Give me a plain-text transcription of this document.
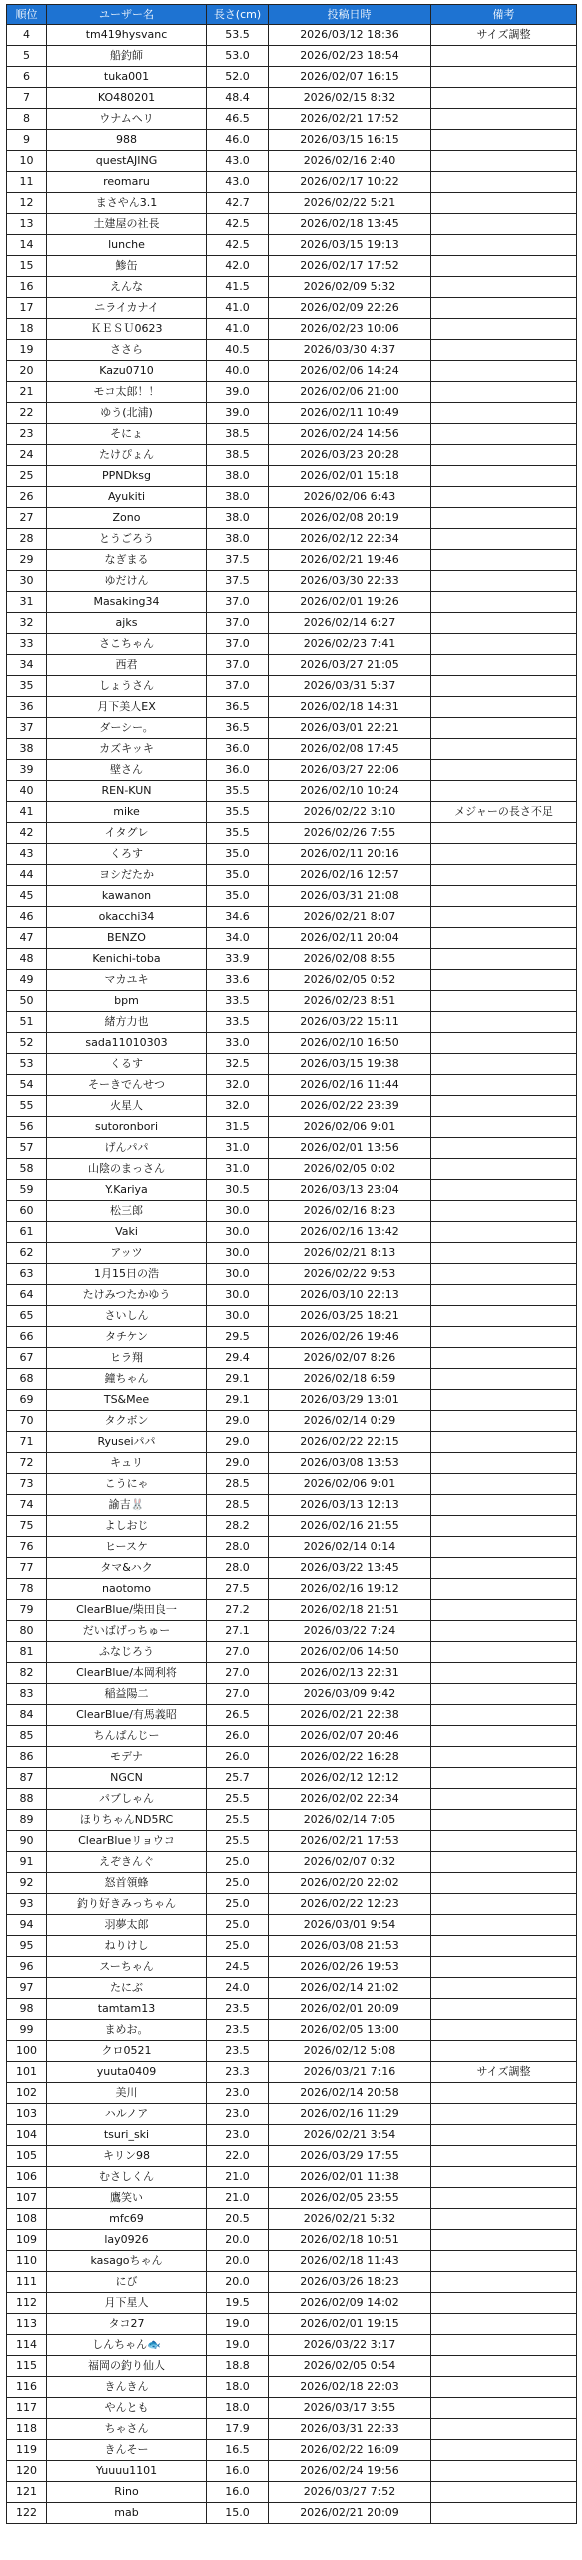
順位	ユーザー名	長さ(cm)	投稿日時	備考
4	tm419hysvanc	53.5	2026/03/12 18:36	サイズ調整
5	船釣師	53.0	2026/02/23 18:54	
6	tuka001	52.0	2026/02/07 16:15	
7	KO480201	48.4	2026/02/15 8:32	
8	ウナムヘリ	46.5	2026/02/21 17:52	
9	988	46.0	2026/03/15 16:15	
10	questAJING	43.0	2026/02/16 2:40	
11	reomaru	43.0	2026/02/17 10:22	
12	まさやん3.1	42.7	2026/02/22 5:21	
13	土建屋の社長	42.5	2026/02/18 13:45	
14	lunche	42.5	2026/03/15 19:13	
15	鯵缶	42.0	2026/02/17 17:52	
16	えんな	41.5	2026/02/09 5:32	
17	ニライカナイ	41.0	2026/02/09 22:26	
18	ＫＥＳＵ0623	41.0	2026/02/23 10:06	
19	ささら	40.5	2026/03/30 4:37	
20	Kazu0710	40.0	2026/02/06 14:24	
21	モコ太郎！！	39.0	2026/02/06 21:00	
22	ゆう(北浦)	39.0	2026/02/11 10:49	
23	そにょ	38.5	2026/02/24 14:56	
24	たけぴょん	38.5	2026/03/23 20:28	
25	PPNDksg	38.0	2026/02/01 15:18	
26	Ayukiti	38.0	2026/02/06 6:43	
27	Zono	38.0	2026/02/08 20:19	
28	とうごろう	38.0	2026/02/12 22:34	
29	なぎまる	37.5	2026/02/21 19:46	
30	ゆだけん	37.5	2026/03/30 22:33	
31	Masaking34	37.0	2026/02/01 19:26	
32	ajks	37.0	2026/02/14 6:27	
33	さこちゃん	37.0	2026/02/23 7:41	
34	西君	37.0	2026/03/27 21:05	
35	しょうさん	37.0	2026/03/31 5:37	
36	月下美人EX	36.5	2026/02/18 14:31	
37	ダーシー。	36.5	2026/03/01 22:21	
38	カズキッキ	36.0	2026/02/08 17:45	
39	壁さん	36.0	2026/03/27 22:06	
40	REN-KUN	35.5	2026/02/10 10:24	
41	mike	35.5	2026/02/22 3:10	メジャーの長さ不足
42	イタグレ	35.5	2026/02/26 7:55	
43	くろす	35.0	2026/02/11 20:16	
44	ヨシだたか	35.0	2026/02/16 12:57	
45	kawanon	35.0	2026/03/31 21:08	
46	okacchi34	34.6	2026/02/21 8:07	
47	BENZO	34.0	2026/02/11 20:04	
48	Kenichi-toba	33.9	2026/02/08 8:55	
49	マカユキ	33.6	2026/02/05 0:52	
50	bpm	33.5	2026/02/23 8:51	
51	緒方力也	33.5	2026/03/22 15:11	
52	sada11010303	33.0	2026/02/10 16:50	
53	くるす	32.5	2026/03/15 19:38	
54	そーきでんせつ	32.0	2026/02/16 11:44	
55	火星人	32.0	2026/02/22 23:39	
56	sutoronbori	31.5	2026/02/06 9:01	
57	げんパパ	31.0	2026/02/01 13:56	
58	山陰のまっさん	31.0	2026/02/05 0:02	
59	Y.Kariya	30.5	2026/03/13 23:04	
60	松三郎	30.0	2026/02/16 8:23	
61	Vaki	30.0	2026/02/16 13:42	
62	アッツ	30.0	2026/02/21 8:13	
63	1月15日の浩	30.0	2026/02/22 9:53	
64	たけみつたかゆう	30.0	2026/03/10 22:13	
65	さいしん	30.0	2026/03/25 18:21	
66	タチケン	29.5	2026/02/26 19:46	
67	ヒラ翔	29.4	2026/02/07 8:26	
68	鐘ちゃん	29.1	2026/02/18 6:59	
69	TS&Mee	29.1	2026/03/29 13:01	
70	タクボン	29.0	2026/02/14 0:29	
71	Ryuseiパパ	29.0	2026/02/22 22:15	
72	キュリ	29.0	2026/03/08 13:53	
73	こうにゃ	28.5	2026/02/06 9:01	
74	諭吉🐰	28.5	2026/03/13 12:13	
75	よしおじ	28.2	2026/02/16 21:55	
76	ヒースケ	28.0	2026/02/14 0:14	
77	タマ&ハク	28.0	2026/03/22 13:45	
78	naotomo	27.5	2026/02/16 19:12	
79	ClearBlue/柴田良一	27.2	2026/02/18 21:51	
80	だいばげっちゅー	27.1	2026/03/22 7:24	
81	ふなじろう	27.0	2026/02/06 14:50	
82	ClearBlue/本岡利将	27.0	2026/02/13 22:31	
83	稲益陽二	27.0	2026/03/09 9:42	
84	ClearBlue/有馬義昭	26.5	2026/02/21 22:38	
85	ちんぱんじー	26.0	2026/02/07 20:46	
86	モデナ	26.0	2026/02/22 16:28	
87	NGCN	25.7	2026/02/12 12:12	
88	パブしゃん	25.5	2026/02/02 22:34	
89	ほりちゃんND5RC	25.5	2026/02/14 7:05	
90	ClearBlueリョウコ	25.5	2026/02/21 17:53	
91	えぞきんぐ	25.0	2026/02/07 0:32	
92	怒首領蜂	25.0	2026/02/20 22:02	
93	釣り好きみっちゃん	25.0	2026/02/22 12:23	
94	羽夢太郎	25.0	2026/03/01 9:54	
95	ねりけし	25.0	2026/03/08 21:53	
96	スーちゃん	24.5	2026/02/26 19:53	
97	たにぶ	24.0	2026/02/14 21:02	
98	tamtam13	23.5	2026/02/01 20:09	
99	まめお。	23.5	2026/02/05 13:00	
100	クロ0521	23.5	2026/02/12 5:08	
101	yuuta0409	23.3	2026/03/21 7:16	サイズ調整
102	美川	23.0	2026/02/14 20:58	
103	ハルノア	23.0	2026/02/16 11:29	
104	tsuri_ski	23.0	2026/02/21 3:54	
105	キリン98	22.0	2026/03/29 17:55	
106	むさしくん	21.0	2026/02/01 11:38	
107	鷹笑い	21.0	2026/02/05 23:55	
108	mfc69	20.5	2026/02/21 5:32	
109	lay0926	20.0	2026/02/18 10:51	
110	kasagoちゃん	20.0	2026/02/18 11:43	
111	にび	20.0	2026/03/26 18:23	
112	月下星人	19.5	2026/02/09 14:02	
113	タコ27	19.0	2026/02/01 19:15	
114	しんちゃん🐟	19.0	2026/03/22 3:17	
115	福岡の釣り仙人	18.8	2026/02/05 0:54	
116	きんきん	18.0	2026/02/18 22:03	
117	やんとも	18.0	2026/03/17 3:55	
118	ちゃさん	17.9	2026/03/31 22:33	
119	きんそー	16.5	2026/02/22 16:09	
120	Yuuuu1101	16.0	2026/02/24 19:56	
121	Rino	16.0	2026/03/27 7:52	
122	mab	15.0	2026/02/21 20:09	
